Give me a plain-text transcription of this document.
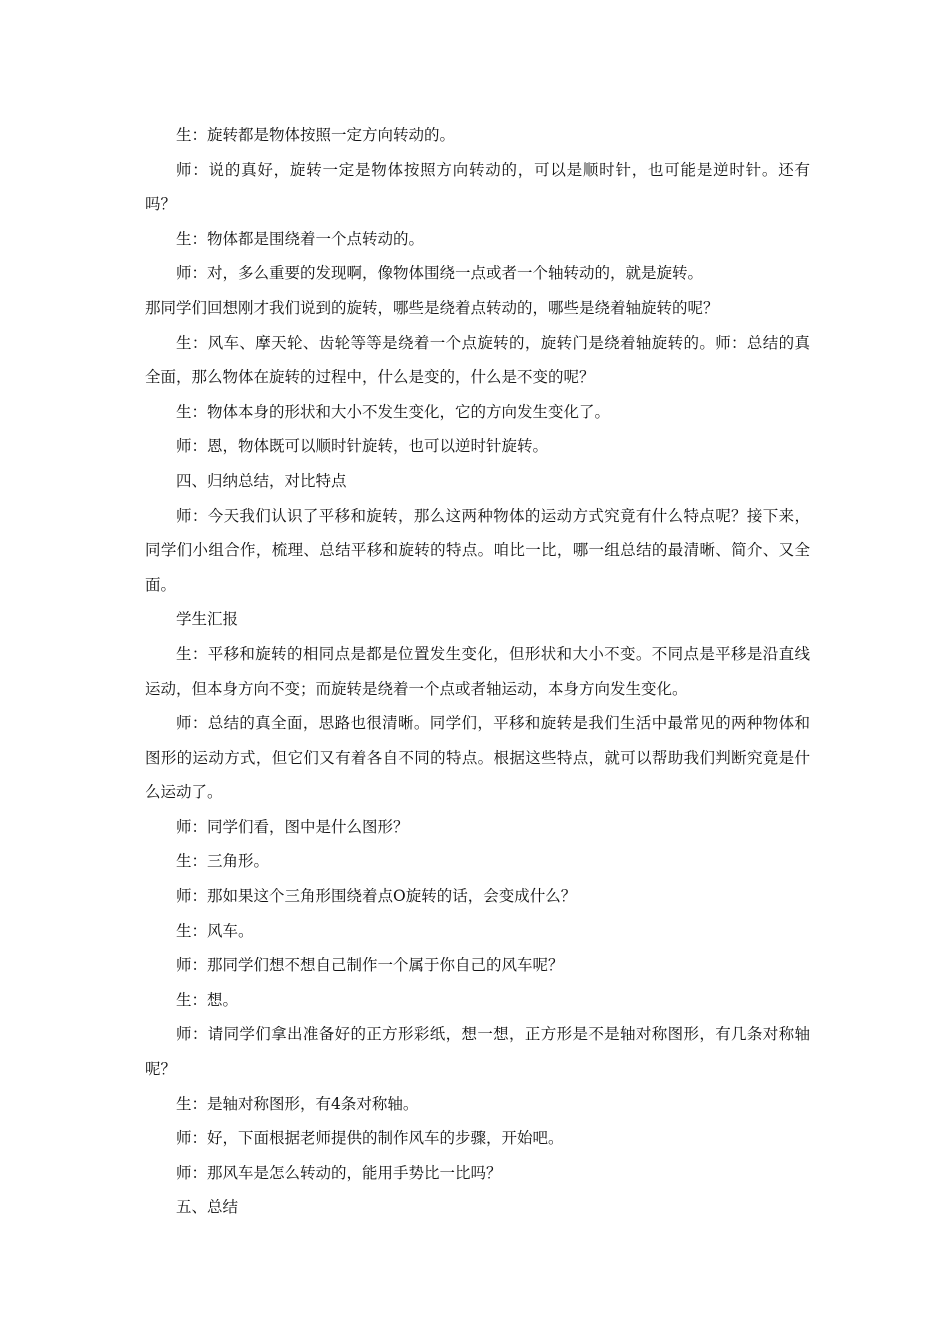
生：旋转都是物体按照一定方向转动的。

师：说的真好，旋转一定是物体按照方向转动的，可以是顺时针，也可能是逆时针。还有吗？

生：物体都是围绕着一个点转动的。

师：对，多么重要的发现啊，像物体围绕一点或者一个轴转动的，就是旋转。

那同学们回想刚才我们说到的旋转，哪些是绕着点转动的，哪些是绕着轴旋转的呢？

生：风车、摩天轮、齿轮等等是绕着一个点旋转的，旋转门是绕着轴旋转的。师：总结的真全面，那么物体在旋转的过程中，什么是变的，什么是不变的呢？

生：物体本身的形状和大小不发生变化，它的方向发生变化了。

师：恩，物体既可以顺时针旋转，也可以逆时针旋转。

四、归纳总结，对比特点

师：今天我们认识了平移和旋转，那么这两种物体的运动方式究竟有什么特点呢？接下来，同学们小组合作，梳理、总结平移和旋转的特点。咱比一比，哪一组总结的最清晰、简介、又全面。

学生汇报

生：平移和旋转的相同点是都是位置发生变化，但形状和大小不变。不同点是平移是沿直线运动，但本身方向不变；而旋转是绕着一个点或者轴运动，本身方向发生变化。

师：总结的真全面，思路也很清晰。同学们，平移和旋转是我们生活中最常见的两种物体和图形的运动方式，但它们又有着各自不同的特点。根据这些特点，就可以帮助我们判断究竟是什么运动了。

师：同学们看，图中是什么图形？

生：三角形。

师：那如果这个三角形围绕着点O旋转的话，会变成什么？

生：风车。

师：那同学们想不想自己制作一个属于你自己的风车呢？

生：想。

师：请同学们拿出准备好的正方形彩纸，想一想，正方形是不是轴对称图形，有几条对称轴呢？

生：是轴对称图形，有4条对称轴。

师：好，下面根据老师提供的制作风车的步骤，开始吧。

师：那风车是怎么转动的，能用手势比一比吗？

五、总结
